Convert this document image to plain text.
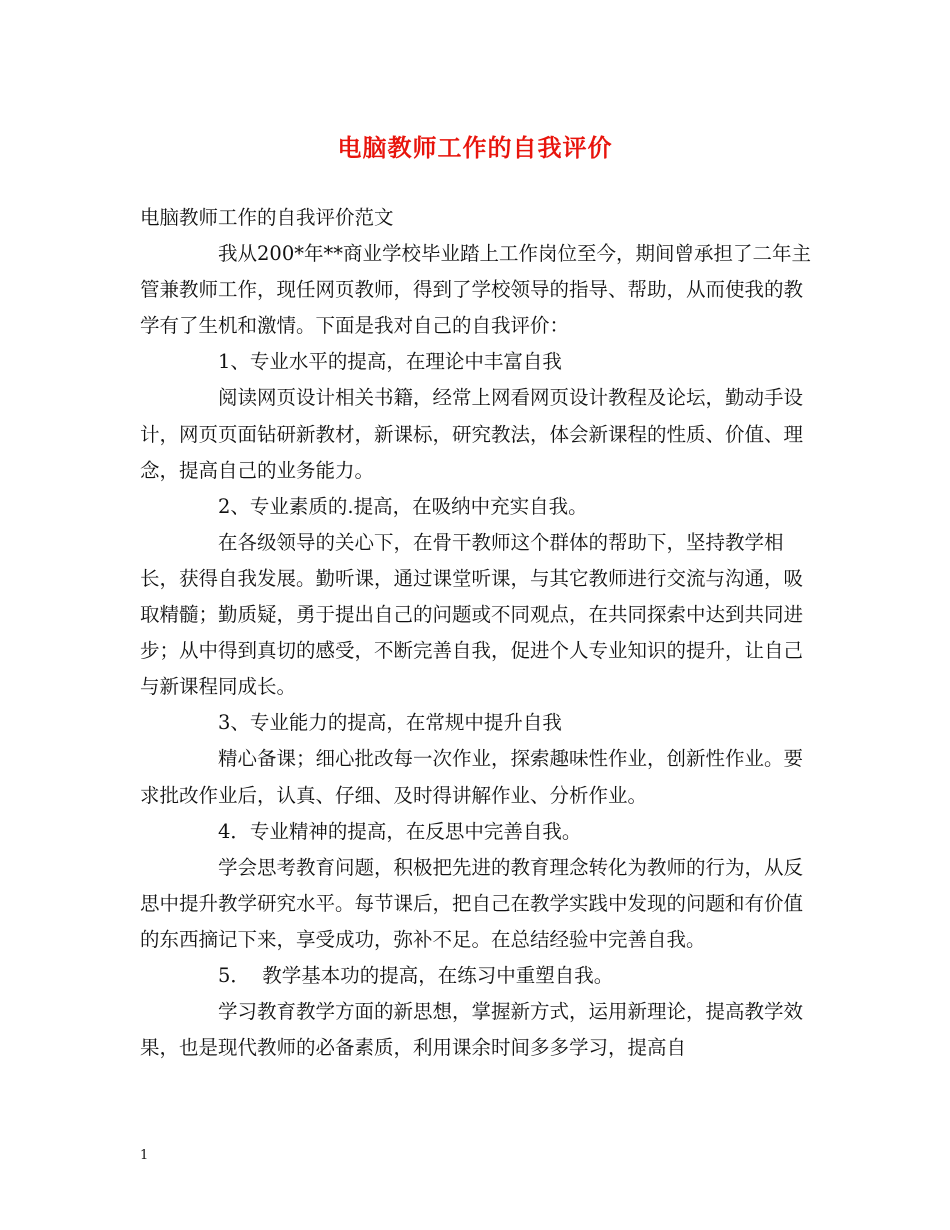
电脑教师工作的自我评价

电脑教师工作的自我评价范文

我从200*年**商业学校毕业踏上工作岗位至今，期间曾承担了二年主管兼教师工作，现任网页教师，得到了学校领导的指导、帮助，从而使我的教学有了生机和激情。下面是我对自己的自我评价：

1、专业水平的提高，在理论中丰富自我

阅读网页设计相关书籍，经常上网看网页设计教程及论坛，勤动手设计，网页页面钻研新教材，新课标，研究教法，体会新课程的性质、价值、理念，提高自己的业务能力。

2、专业素质的.提高，在吸纳中充实自我。

在各级领导的关心下，在骨干教师这个群体的帮助下，坚持教学相长，获得自我发展。勤听课，通过课堂听课，与其它教师进行交流与沟通，吸取精髓；勤质疑，勇于提出自己的问题或不同观点，在共同探索中达到共同进步；从中得到真切的感受，不断完善自我，促进个人专业知识的提升，让自己与新课程同成长。

3、专业能力的提高，在常规中提升自我

精心备课；细心批改每一次作业，探索趣味性作业，创新性作业。要求批改作业后，认真、仔细、及时得讲解作业、分析作业。

4．专业精神的提高，在反思中完善自我。

学会思考教育问题，积极把先进的教育理念转化为教师的行为，从反思中提升教学研究水平。每节课后，把自己在教学实践中发现的问题和有价值的东西摘记下来，享受成功，弥补不足。在总结经验中完善自我。

5．  教学基本功的提高，在练习中重塑自我。

学习教育教学方面的新思想，掌握新方式，运用新理论，提高教学效果，也是现代教师的必备素质，利用课余时间多多学习，提高自

1
